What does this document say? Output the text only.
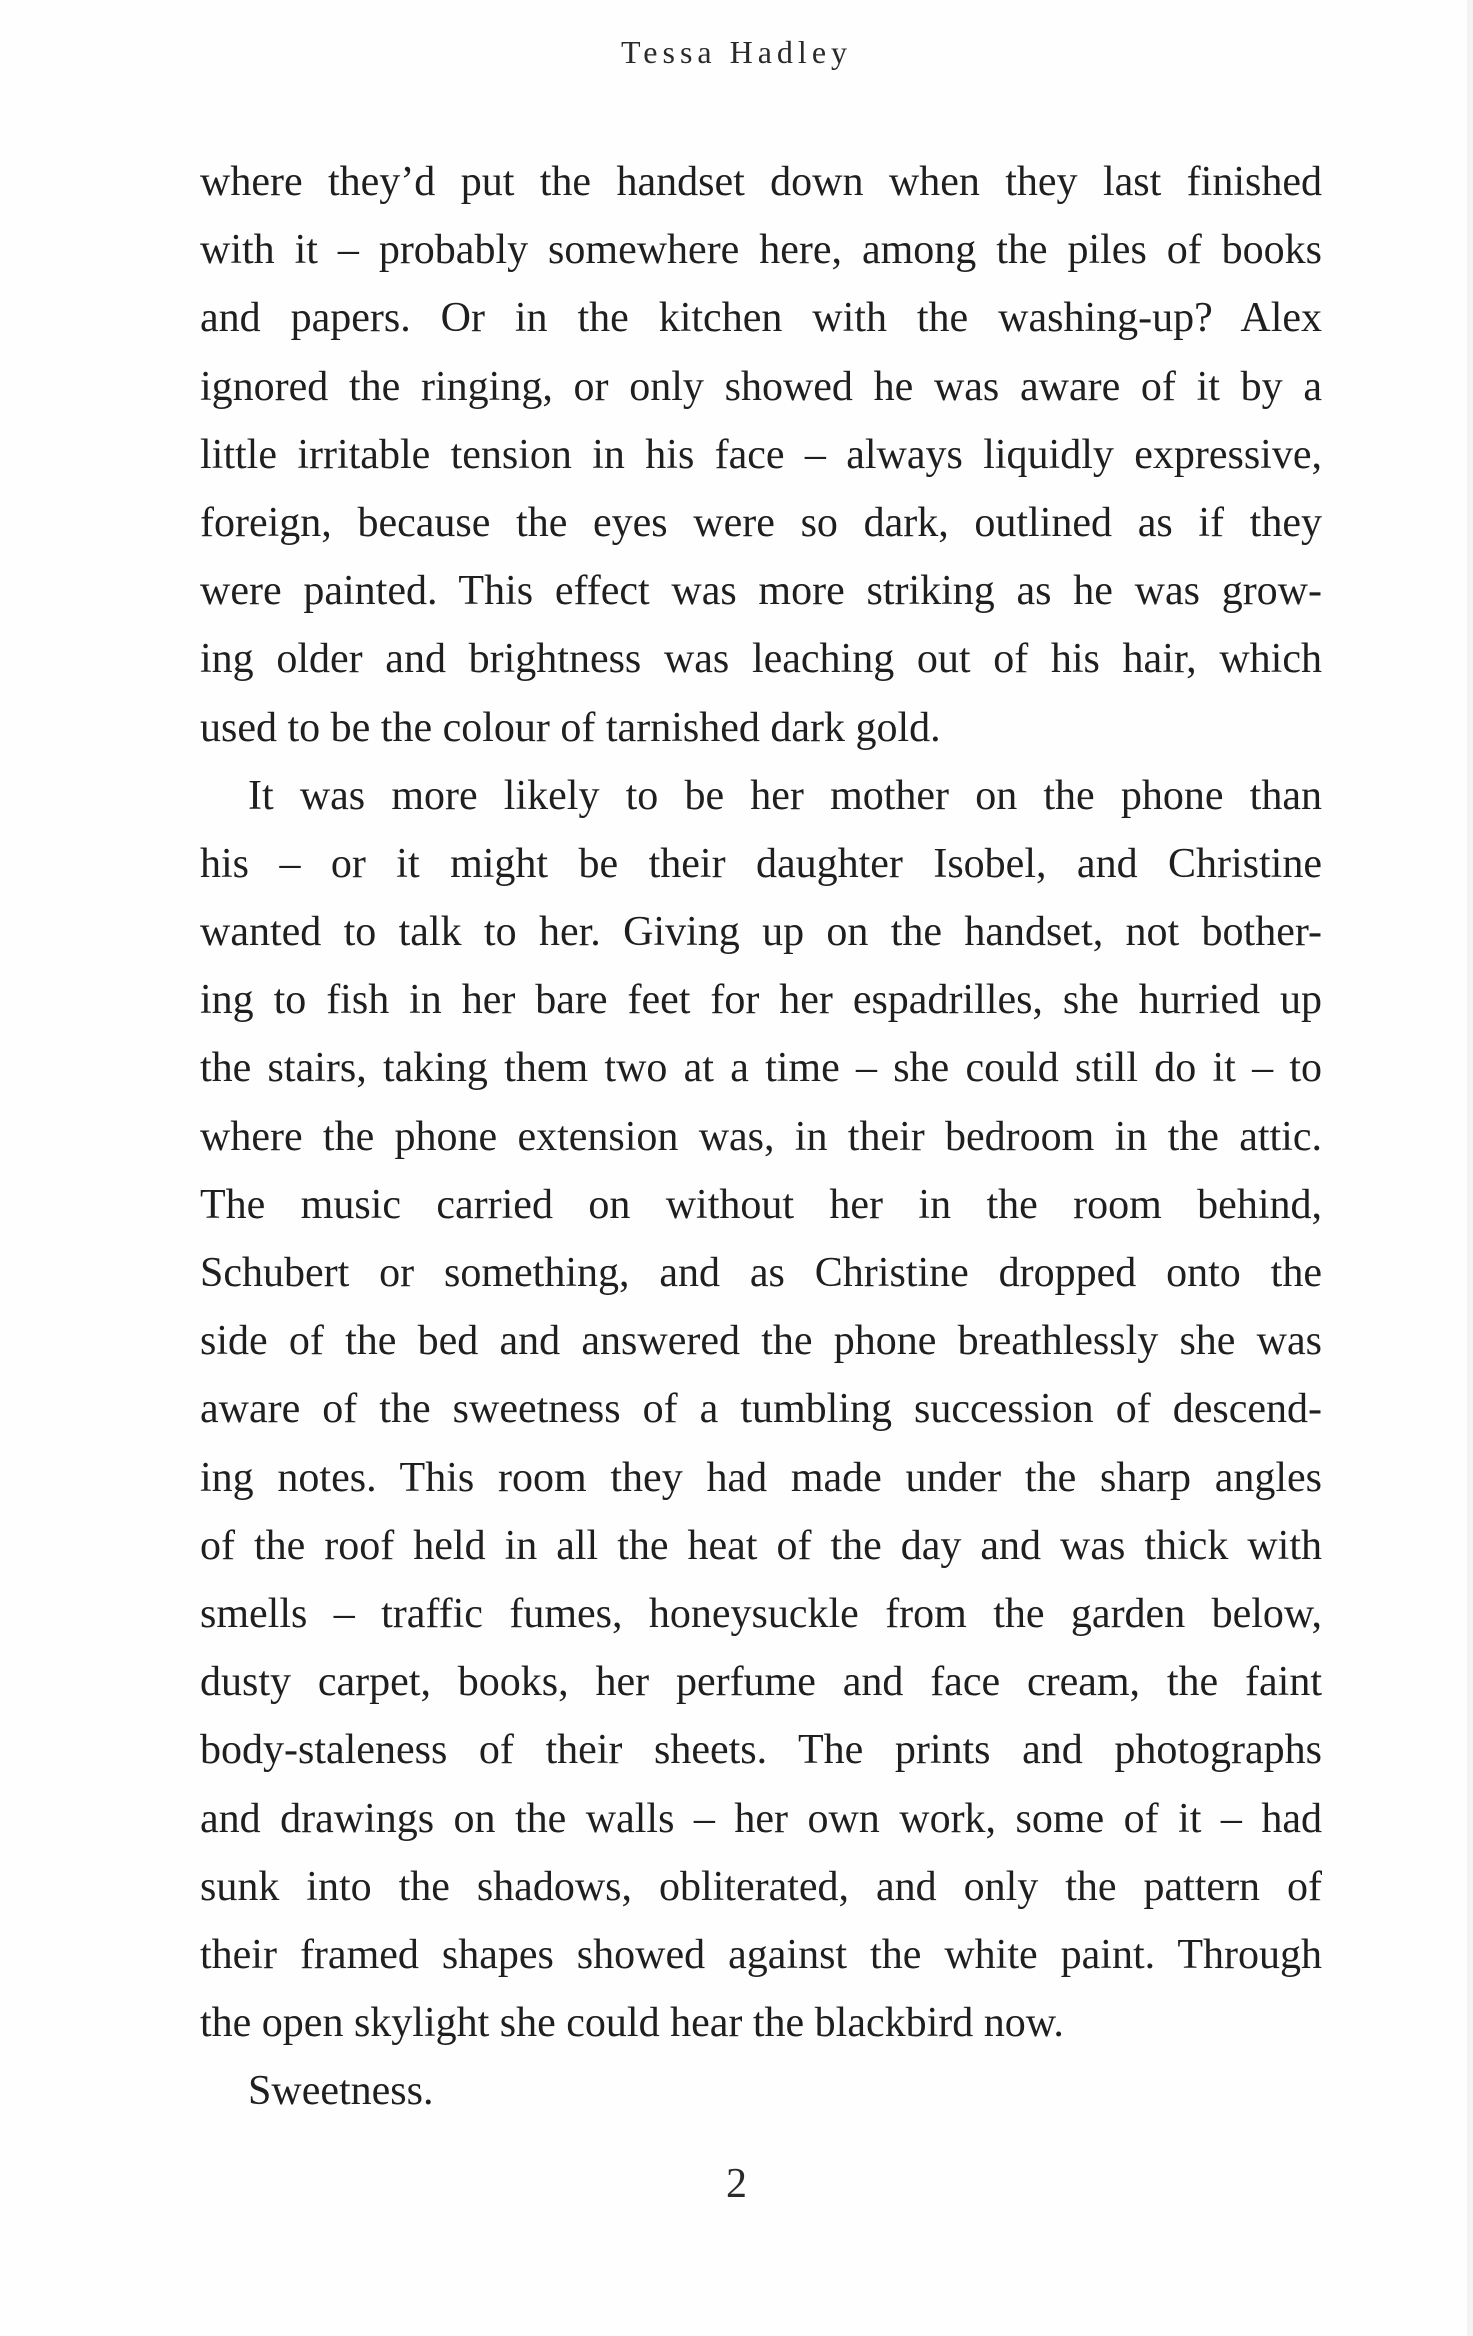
Tessa Hadley
where they’d put the handset down when they last finished
with it – probably somewhere here, among the piles of books
and papers. Or in the kitchen with the washing-up? Alex
ignored the ringing, or only showed he was aware of it by a
little irritable tension in his face – always liquidly expressive,
foreign, because the eyes were so dark, outlined as if they
were painted. This effect was more striking as he was grow-
ing older and brightness was leaching out of his hair, which
used to be the colour of tarnished dark gold.
It was more likely to be her mother on the phone than
his – or it might be their daughter Isobel, and Christine
wanted to talk to her. Giving up on the handset, not bother-
ing to fish in her bare feet for her espadrilles, she hurried up
the stairs, taking them two at a time – she could still do it – to
where the phone extension was, in their bedroom in the attic.
The music carried on without her in the room behind,
Schubert or something, and as Christine dropped onto the
side of the bed and answered the phone breathlessly she was
aware of the sweetness of a tumbling succession of descend-
ing notes. This room they had made under the sharp angles
of the roof held in all the heat of the day and was thick with
smells – traffic fumes, honeysuckle from the garden below,
dusty carpet, books, her perfume and face cream, the faint
body-staleness of their sheets. The prints and photographs
and drawings on the walls – her own work, some of it – had
sunk into the shadows, obliterated, and only the pattern of
their framed shapes showed against the white paint. Through
the open skylight she could hear the blackbird now.
Sweetness.
2
